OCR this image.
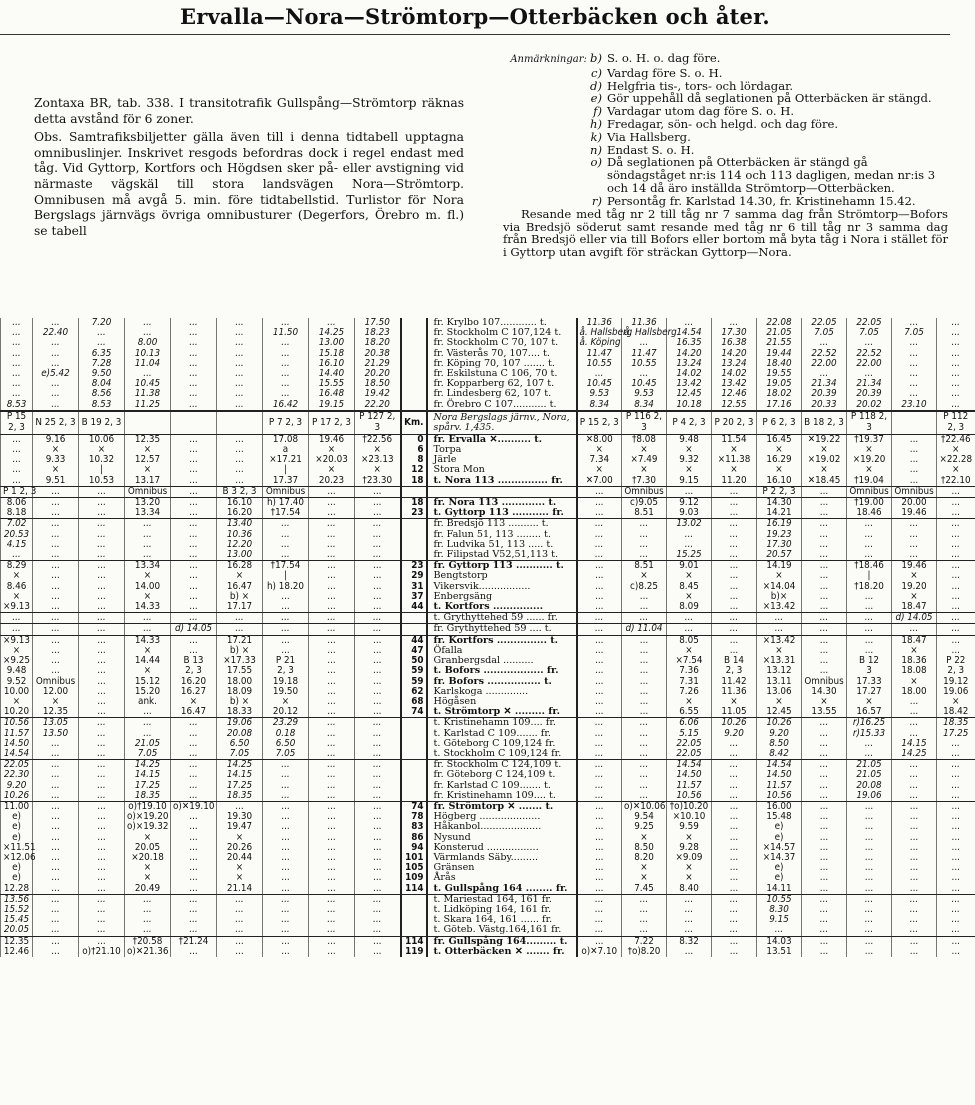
Ervalla—Nora—Strömtorp—Otterbäcken och åter.

Zontaxa BR, tab. 338. I transitotrafik Gullspång—Strömtorp räknas detta avstånd för 6 zoner.

Obs. Samtrafiksbiljetter gälla även till i denna tidtabell upptagna omnibuslinjer. Inskrivet resgods befordras dock i regel endast med tåg. Vid Gyttorp, Kortfors och Högdsen sker på- eller avstigning vid närmaste vägskäl till stora landsvägen Nora—Strömtorp. Omnibusen må avgå 5. min. före tidtabellstid. Turlistor för Nora Bergslags järnvägs övriga omnibusturer (Degerfors, Örebro m. fl.) se tabell

Anmärkningar: b) S. o. H. o. dag före.
c) Vardag före S. o. H.
d) Helgfria tis-, tors- och lördagar.
e) Gör uppehåll då seglationen på Otterbäcken är stängd.
f) Vardagar utom dag före S. o. H.
h) Fredagar, sön- och helgd. och dag före.
k) Via Hallsberg.
n) Endast S. o. H.
o) Då seglationen på Otterbäcken är stängd gå söndagståget nr:is 114 och 113 dagligen, medan nr:is 3 och 14 då äro inställda Strömtorp—Otterbäcken.
r) Persontåg fr. Karlstad 14.30, fr. Kristinehamn 15.42.
Resande med tåg nr 2 till tåg nr 7 samma dag från Strömtorp—Bofors via Bredsjö söderut samt resande med tåg nr 6 till tåg nr 3 samma dag från Bredsjö eller via till Bofors eller bortom må byta tåg i Nora i stället för i Gyttorp utan avgift för sträckan Gyttorp—Nora.
...	...	7.20	...	...	...	...	...	17.50		fr. Krylbo 107............ t.	11.36	11.36	...	...	22.08	22.05	22.05	...	...
...	22.40	...	...	...	...	11.50	14.25	18.23		fr. Stockholm C 107,124 t.	å. Hallsberg	å. Hallsberg	14.54	17.30	21.05	7.05	7.05	7.05	...
...	...	...	8.00	...	...	...	13.00	18.20		fr. Stockholm C 70, 107 t.	å. Köping	...	16.35	16.38	21.55	...	...	...	...
...	...	6.35	10.13	...	...	...	15.18	20.38		fr. Västerås 70, 107.... t.	11.47	11.47	14.20	14.20	19.44	22.52	22.52	...	...
...	...	7.28	11.04	...	...	...	16.10	21.29		fr. Köping 70, 107 ....... t.	10.55	10.55	13.24	13.24	18.40	22.00	22.00	...	...
...	e)5.42	9.50	...	...	...	...	14.40	20.20		fr. Eskilstuna C 106, 70 t.	...	...	14.02	14.02	19.55	...	...	...	...
...	...	8.04	10.45	...	...	...	15.55	18.50		fr. Kopparberg 62, 107 t.	10.45	10.45	13.42	13.42	19.05	21.34	21.34	...	...
...	...	8.56	11.38	...	...	...	16.48	19.42		fr. Lindesberg 62, 107 t.	9.53	9.53	12.45	12.46	18.02	20.39	20.39	...	...
8.53	...	8.53	11.25	...	...	16.42	19.15	22.20		fr. Örebro C 107........... t.	8.34	8.34	10.18	12.55	17.16	20.33	20.02	23.10	...
P 15 2, 3	N 25 2, 3	B 19 2, 3				P 7 2, 3	P 17 2, 3	P 127 2, 3	Km.	Nora Bergslags järnv., Nora, spårv. 1,435.	P 15 2, 3	P 116 2, 3	P 4 2, 3	P 20 2, 3	P 6 2, 3	B 18 2, 3	P 118 2, 3		P 112 2, 3
...	9.16	10.06	12.35	...	...	17.08	19.46	†22.56	0	fr. Ervalla ✕.......... t.	✕8.00	†8.08	9.48	11.54	16.45	✕19.22	†19.37	...	†22.46
...	×	×	×	...	...	a	×	×	6	Torpa	×	×	×	×	×	×	×	...	×
...	9.33	10.32	12.57	...	...	×17.21	×20.03	×23.13	8	Järle	7.34	×7.49	9.32	×11.38	16.29	×19.02	×19.20	...	×22.28
...	×	|	×	...	...	|	×	×	12	Stora Mon	×	×	×	×	×	×	×	...	×
...	9.51	10.53	13.17	...	...	17.37	20.23	†23.30	18	t. Nora 113 ............... fr.	✕7.00	†7.30	9.15	11.20	16.10	✕18.45	†19.04	...	†22.10
P 1 2, 3	...	...	Omnibus	...	B 3 2, 3	Omnibus	...	...			...	Omnibus	...	...	P 2 2, 3	...	Omnibus	Omnibus	...
8.06	...	...	13.20	...	16.10	h) 17.40	...	...	18	fr. Nora 113 ............. t.	...	c)9.05	9.12	...	14.30	...	†19.00	20.00	...
8.18	...	...	13.34	...	16.20	†17.54	...	...	23	t. Gyttorp 113 ........... fr.	...	8.51	9.03	...	14.21	...	18.46	19.46	...
7.02	...	...	...	...	13.40	...	...	...		fr. Bredsjö 113 .......... t.	...	...	13.02	...	16.19	...	...	...	...
20.53	...	...	...	...	10.36	...	...	...		fr. Falun 51, 113 ........ t.	...	...	...	...	19.23	...	...	...	...
4.15	...	...	...	...	12.20	...	...	...		fr. Ludvika 51, 113 ..... t.	...	...	...	...	17.30	...	...	...	...
...	...	...	...	...	13.00	...	...	...		fr. Filipstad V52,51,113 t.	...	...	15.25	...	20.57	...	...	...	...
8.29	...	...	13.34	...	16.28	†17.54	...	...	23	fr. Gyttorp 113 ........... t.	...	8.51	9.01	...	14.19	...	†18.46	19.46	...
×	...	...	×	...	×	|	...	...	29	Bengtstorp	...	×	×	...	×	...	|	×	...
8.46	...	...	14.00	...	16.47	h) 18.20	...	...	31	Vikersvik.................	...	c)8.25	8.45	...	×14.04	...	†18.20	19.20	...
×	...	...	×	...	b) ×	...	...	...	37	Enbergsäng	...	...	×	...	b)×	...	...	×	...
×9.13	...	...	14.33	...	17.17	...	...	...	44	t. Kortfors ...............	...	...	8.09	...	×13.42	...	...	18.47	...
...	...	...	...	...	...	...	...	...		t. Grythyttehed 59 ...... fr.	...	...	...	...	...	...	...	d) 14.05	...
...	...	...	...	d) 14.05	...	...	...	...		fr. Grythyttehed 59 .... t.	...	d) 11.04	...	...	...	...	...	...	...
×9.13	...	...	14.33	...	17.21	...	...	...	44	fr. Kortfors ............... t.	...	...	8.05	...	×13.42	...	...	18.47	...
×	...	...	×	...	b) ×	...	...	...	47	Öfalla	...	...	×	...	×	...	...	×	...
×9.25	...	...	14.44	B 13	×17.33	P 21	...	...	50	Granbergsdal ..........	...	...	×7.54	B 14	×13.31	...	B 12	18.36	P 22
9.48	...	...	×	2, 3	17.55	2, 3	...	...	59	t. Bofors .................. fr.	...	...	7.36	2, 3	13.12	...	3	18.08	2, 3
9.52	Omnibus	...	15.12	16.20	18.00	19.18	...	...	59	fr. Bofors ................ t.	...	...	7.31	11.42	13.11	Omnibus	17.33	×	19.12
10.00	12.00	...	15.20	16.27	18.09	19.50	...	...	62	Karlskoga ..............	...	...	7.26	11.36	13.06	14.30	17.27	18.00	19.06
×	×	...	ank.	×	b) ×	×	...	...	68	Högåsen	...	...	×	×	×	×	×	...	×
10.20	12.35	...	...	16.47	18.33	20.12	...	...	74	t. Strömtorp ✕ ......... fr.	...	...	6.55	11.05	12.45	13.55	16.57	...	18.42
10.56	13.05	...	...	...	19.06	23.29	...	...		t. Kristinehamn 109.... fr.	...	...	6.06	10.26	10.26	...	r)16.25	...	18.35
11.57	13.50	...	...	...	20.08	0.18	...	...		t. Karlstad C 109....... fr.	...	...	5.15	9.20	9.20	...	r)15.33	...	17.25
14.50	...	...	21.05	...	6.50	6.50	...	...		t. Göteborg C 109,124 fr.	...	...	22.05	...	8.50	...	...	14.15	...
14.54	...	...	7.05	...	7.05	7.05	...	...		t. Stockholm C 109,124 fr.	...	...	22.05	...	8.42	...	...	14.25	...
22.05	...	...	14.25	...	14.25	...	...	...		fr. Stockholm C 124,109 t.	...	...	14.54	...	14.54	...	21.05	...	...
22.30	...	...	14.15	...	14.15	...	...	...		fr. Göteborg C 124,109 t.	...	...	14.50	...	14.50	...	21.05	...	...
9.20	...	...	17.25	...	17.25	...	...	...		fr. Karlstad C 109....... t.	...	...	11.57	...	11.57	...	20.08	...	...
10.26	...	...	18.35	...	18.35	...	...	...		fr. Kristinehamn 109.... t.	...	...	10.56	...	10.56	...	19.06	...	...
11.00	...	...	o)†19.10	o)✕19.10	...	...	...	...	74	fr. Strömtorp ✕ ....... t.	...	o)✕10.06	†o)10.20	...	16.00	...	...	...	...
e)	...	...	o)×19.20	...	19.30	...	...	...	78	Högberg ....................	...	9.54	×10.10	...	15.48	...	...	...	...
e)	...	...	o)×19.32	...	19.47	...	...	...	83	Håkanbol....................	...	9.25	9.59	...	e)	...	...	...	...
e)	...	...	×	...	×	...	...	...	86	Nysund	...	×	×	...	e)	...	...	...	...
×11.51	...	...	20.05	...	20.26	...	...	...	94	Konsterud .................	...	8.50	9.28	...	×14.57	...	...	...	...
×12.06	...	...	×20.18	...	20.44	...	...	...	101	Värmlands Säby.........	...	8.20	×9.09	...	×14.37	...	...	...	...
e)	...	...	×	...	×	...	...	...	105	Gränsen	...	×	×	...	e)	...	...	...	...
e)	...	...	×	...	×	...	...	...	109	Årås	...	×	×	...	e)	...	...	...	...
12.28	...	...	20.49	...	21.14	...	...	...	114	t. Gullspång 164 ........ fr.	...	7.45	8.40	...	14.11	...	...	...	...
13.56	...	...	...	...	...	...	...	...		t. Mariestad 164, 161 fr.	...	...	...	...	10.55	...	...	...	...
15.52	...	...	...	...	...	...	...	...		t. Lidköping 164, 161 fr.	...	...	...	...	8.30	...	...	...	...
15.45	...	...	...	...	...	...	...	...		t. Skara 164, 161 ...... fr.	...	...	...	...	9.15	...	...	...	...
20.05	...	...	...	...	...	...	...	...		t. Göteb. Västg.164,161 fr.	...	...	...	...	...	...	...	...	...
12.35	...	...	†20.58	†21.24	...	...	...	...	114	fr. Gullspång 164......... t.	...	7.22	8.32	...	14.03	...	...	...	...
12.46	...	o)†21.10	o)✕21.36	...	...	...	...	...	119	t. Otterbäcken ✕ ....... fr.	o)✕7.10	†o)8.20	...	...	13.51	...	...	...	...
